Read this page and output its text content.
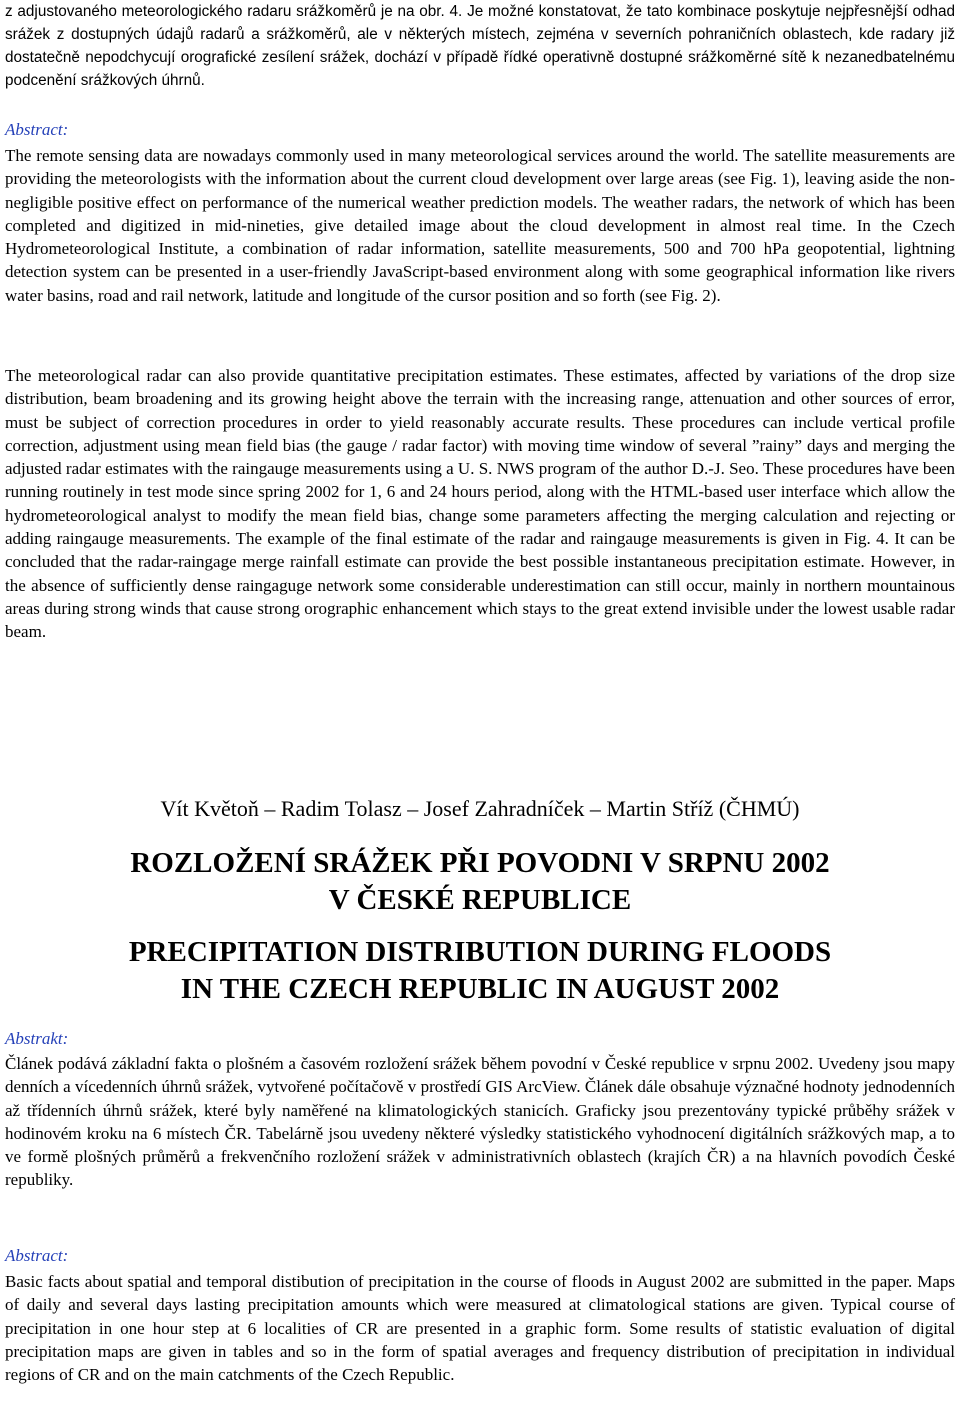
z adjustovaného meteorologického radaru srážkoměrů je na obr. 4. Je možné konstatovat, že tato kombinace poskytuje nejpřesnější odhad srážek z dostupných údajů radarů a srážkoměrů, ale v některých místech, zejména v severních pohraničních oblastech, kde radary již dostatečně nepodchycují orografické zesílení srážek, dochází v případě řídké operativně dostupné srážkoměrné sítě k nezanedbatelnému podcenění srážkových úhrnů.

Abstract:

The remote sensing data are nowadays commonly used in many meteorological services around the world. The satellite measurements are providing the meteorologists with the information about the current cloud development over large areas (see Fig. 1), leaving aside the non-negligible positive effect on performance of the numerical weather prediction models. The weather radars, the network of which has been completed and digitized in mid-nineties, give detailed image about the cloud development in almost real time. In the Czech Hydrometeorological Institute, a combination of radar information, satellite measurements, 500 and 700 hPa geopotential, lightning detection system can be presented in a user-friendly JavaScript-based environment along with some geographical information like rivers water basins, road and rail network, latitude and longitude of the cursor position and so forth (see Fig. 2).

The meteorological radar can also provide quantitative precipitation estimates. These estimates, affected by variations of the drop size distribution, beam broadening and its growing height above the terrain with the increasing range, attenuation and other sources of error, must be subject of correction procedures in order to yield reasonably accurate results. These procedures can include vertical profile correction, adjustment using mean field bias (the gauge / radar factor) with moving time window of several ”rainy” days and merging the adjusted radar estimates with the raingauge measurements using a U. S. NWS program of the author D.-J. Seo. These procedures have been running routinely in test mode since spring 2002 for 1, 6 and 24 hours period, along with the HTML-based user interface which allow the hydrometeorological analyst to modify the mean field bias, change some parameters affecting the merging calculation and rejecting or adding raingauge measurements. The example of the final estimate of the radar and raingauge measurements is given in Fig. 4. It can be concluded that the radar-raingage merge rainfall estimate can provide the best possible instantaneous precipitation estimate. However, in the absence of sufficiently dense raingaguge network some considerable underestimation can still occur, mainly in northern mountainous areas during strong winds that cause strong orographic enhancement which stays to the great extend invisible under the lowest usable radar beam.

Vít Květoň – Radim Tolasz – Josef Zahradníček – Martin Stříž (ČHMÚ)
ROZLOŽENÍ SRÁŽEK PŘI POVODNI V SRPNU 2002
V ČESKÉ REPUBLICE
PRECIPITATION DISTRIBUTION DURING FLOODS
IN THE CZECH REPUBLIC IN AUGUST 2002

Abstrakt:

Článek podává základní fakta o plošném a časovém rozložení srážek během povodní v České republice v srpnu 2002. Uvedeny jsou mapy denních a vícedenních úhrnů srážek, vytvořené počítačově v prostředí GIS ArcView. Článek dále obsahuje význačné hodnoty jednodenních až třídenních úhrnů srážek, které byly naměřené na klimatologických stanicích. Graficky jsou prezentovány typické průběhy srážek v hodinovém kroku na 6 místech ČR. Tabelárně jsou uvedeny některé výsledky statistického vyhodnocení digitálních srážkových map, a to ve formě plošných průměrů a frekvenčního rozložení srážek v administrativních oblastech (krajích ČR) a na hlavních povodích České republiky.

Abstract:

Basic facts about spatial and temporal distibution of precipitation in the course of floods in August 2002 are submitted in the paper. Maps of daily and several days lasting precipitation amounts which were measured at climatological stations are given. Typical course of precipitation in one hour step at 6 localities of CR are presented in a graphic form. Some results of statistic evaluation of digital precipitation maps are given in tables and so in the form of spatial averages and frequency distribution of precipitation in individual regions of CR and on the main catchments of the Czech Republic.
